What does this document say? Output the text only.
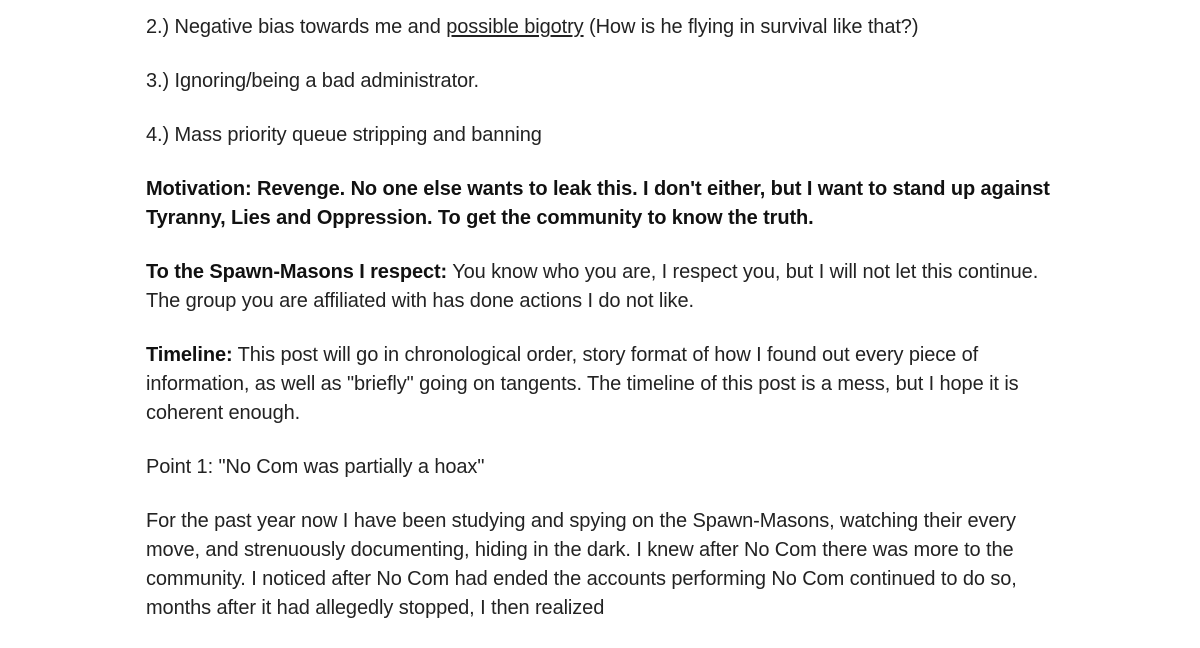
2.) Negative bias towards me and possible bigotry (How is he flying in survival like that?)

3.) Ignoring/being a bad administrator.

4.) Mass priority queue stripping and banning

Motivation: Revenge. No one else wants to leak this. I don't either, but I want to stand up against Tyranny, Lies and Oppression. To get the community to know the truth.

To the Spawn-Masons I respect: You know who you are, I respect you, but I will not let this continue. The group you are affiliated with has done actions I do not like.

Timeline: This post will go in chronological order, story format of how I found out every piece of information, as well as "briefly" going on tangents. The timeline of this post is a mess, but I hope it is coherent enough.

Point 1: "No Com was partially a hoax"

For the past year now I have been studying and spying on the Spawn-Masons, watching their every move, and strenuously documenting, hiding in the dark. I knew after No Com there was more to the community. I noticed after No Com had ended the accounts performing No Com continued to do so, months after it had allegedly stopped, I then realized
